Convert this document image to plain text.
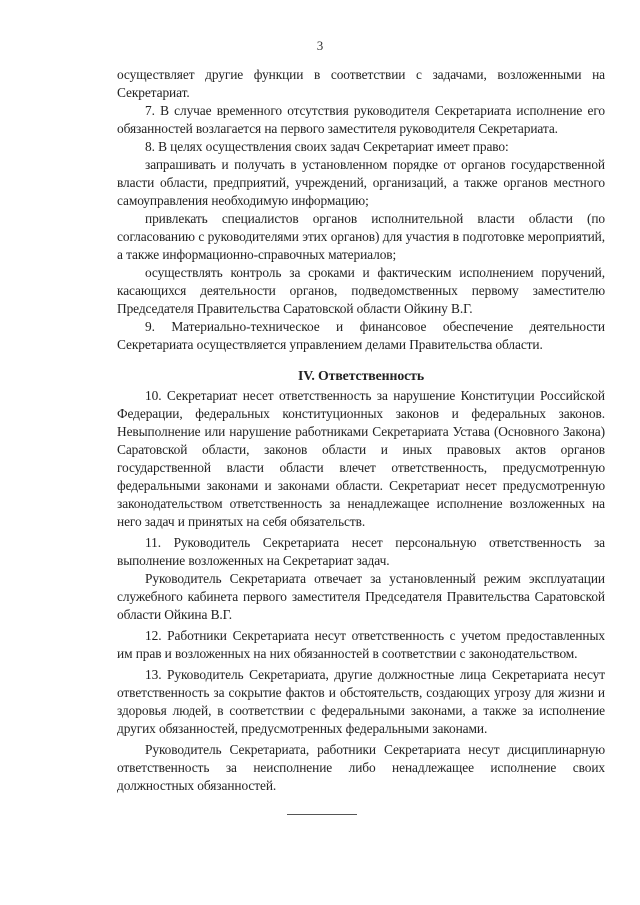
3

осуществляет другие функции в соответствии с задачами, возложенными на Секретариат.

7. В случае временного отсутствия руководителя Секретариата исполнение его обязанностей возлагается на первого заместителя руководителя Секретариата.

8. В целях осуществления своих задач Секретариат имеет право:

запрашивать и получать в установленном порядке от органов государственной власти области, предприятий, учреждений, организаций, а также органов местного самоуправления необходимую информацию;

привлекать специалистов органов исполнительной власти области (по согласованию с руководителями этих органов) для участия в подготовке мероприятий, а также информационно-справочных материалов;

осуществлять контроль за сроками и фактическим исполнением поручений, касающихся деятельности органов, подведомственных первому заместителю Председателя Правительства Саратовской области Ойкину В.Г.

9. Материально-техническое и финансовое обеспечение деятельности Секретариата осуществляется управлением делами Правительства области.

IV. Ответственность

10. Секретариат несет ответственность за нарушение Конституции Российской Федерации, федеральных конституционных законов и федеральных законов. Невыполнение или нарушение работниками Секретариата Устава (Основного Закона) Саратовской области, законов области и иных правовых актов органов государственной власти области влечет ответственность, предусмотренную федеральными законами и законами области. Секретариат несет предусмотренную законодательством ответственность за ненадлежащее исполнение возложенных на него задач и принятых на себя обязательств.

11. Руководитель Секретариата несет персональную ответственность за выполнение возложенных на Секретариат задач.

Руководитель Секретариата отвечает за установленный режим эксплуатации служебного кабинета первого заместителя Председателя Правительства Саратовской области Ойкина В.Г.

12. Работники Секретариата несут ответственность с учетом предоставленных им прав и возложенных на них обязанностей в соответствии с законодательством.

13. Руководитель Секретариата, другие должностные лица Секретариата несут ответственность за сокрытие фактов и обстоятельств, создающих угрозу для жизни и здоровья людей, в соответствии с федеральными законами, а также за исполнение других обязанностей, предусмотренных федеральными законами.

Руководитель Секретариата, работники Секретариата несут дисциплинарную ответственность за неисполнение либо ненадлежащее исполнение своих должностных обязанностей.
